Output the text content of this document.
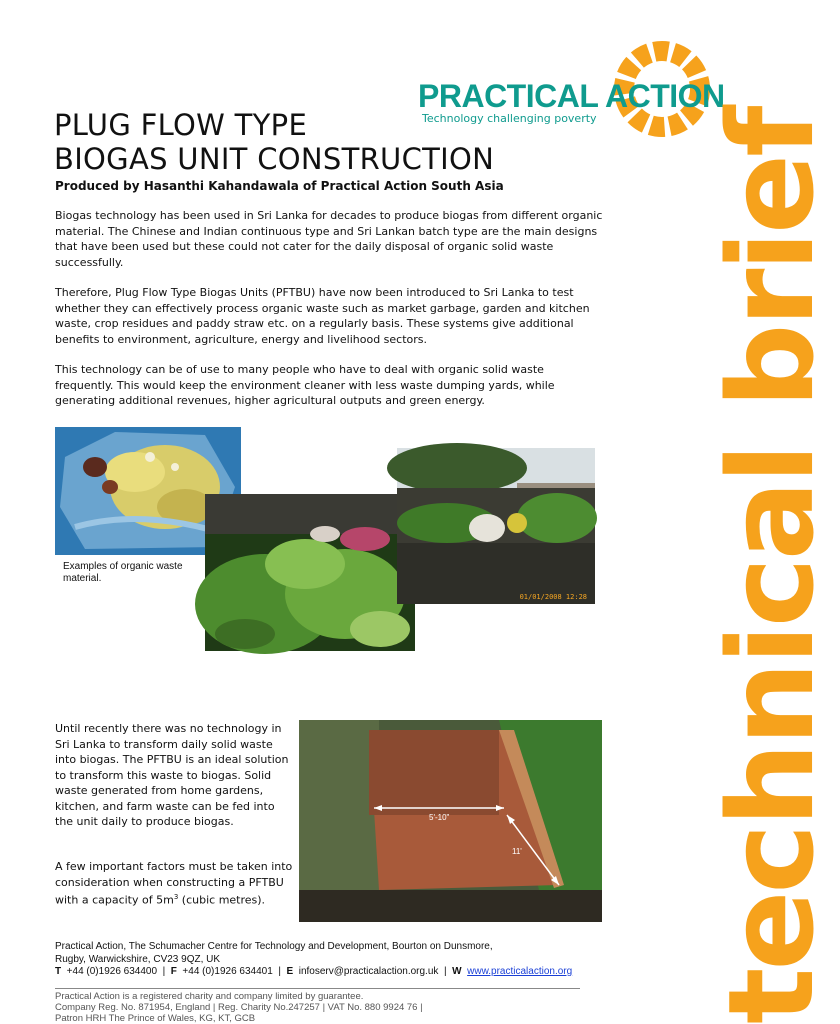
PRACTICAL ACTION
Technology challenging poverty technical brief
PLUG FLOW TYPE
BIOGAS UNIT CONSTRUCTION
Produced by Hasanthi Kahandawala of Practical Action South Asia
Biogas technology has been used in Sri Lanka for decades to produce biogas from different organic material. The Chinese and Indian continuous type and Sri Lankan batch type are the main designs that have been used but these could not cater for the daily disposal of organic solid waste successfully.
Therefore, Plug Flow Type Biogas Units (PFTBU) have now been introduced to Sri Lanka to test whether they can effectively process organic waste such as market garbage, garden and kitchen waste, crop residues and paddy straw etc. on a regularly basis. These systems give additional benefits to environment, agriculture, energy and livelihood sectors.
This technology can be of use to many people who have to deal with organic solid waste frequently. This would keep the environment cleaner with less waste dumping yards, while generating additional revenues, higher agricultural outputs and green energy.
Examples of organic waste material.
01/01/2008 12:28
Until recently there was no technology in Sri Lanka to transform daily solid waste into biogas. The PFTBU is an ideal solution to transform this waste to biogas. Solid waste generated from home gardens, kitchen, and farm waste can be fed into the unit daily to produce biogas.
A few important factors must be taken into consideration when constructing a PFTBU with a capacity of $5m^3$ (cubic metres).
5'-10"
11'
Practical Action, The Schumacher Centre for Technology and Development, Bourton on Dunsmore,
Rugby, Warwickshire, CV23 9QZ, UK
T +44 (0)1926 634400  |  F +44 (0)1926 634401  |  E infoserv@practicalaction.org.uk  |  W www.practicalaction.org
Practical Action is a registered charity and company limited by guarantee.
Company Reg. No. 871954, England | Reg. Charity No.247257 | VAT No. 880 9924 76 |
Patron HRH The Prince of Wales, KG, KT, GCB
